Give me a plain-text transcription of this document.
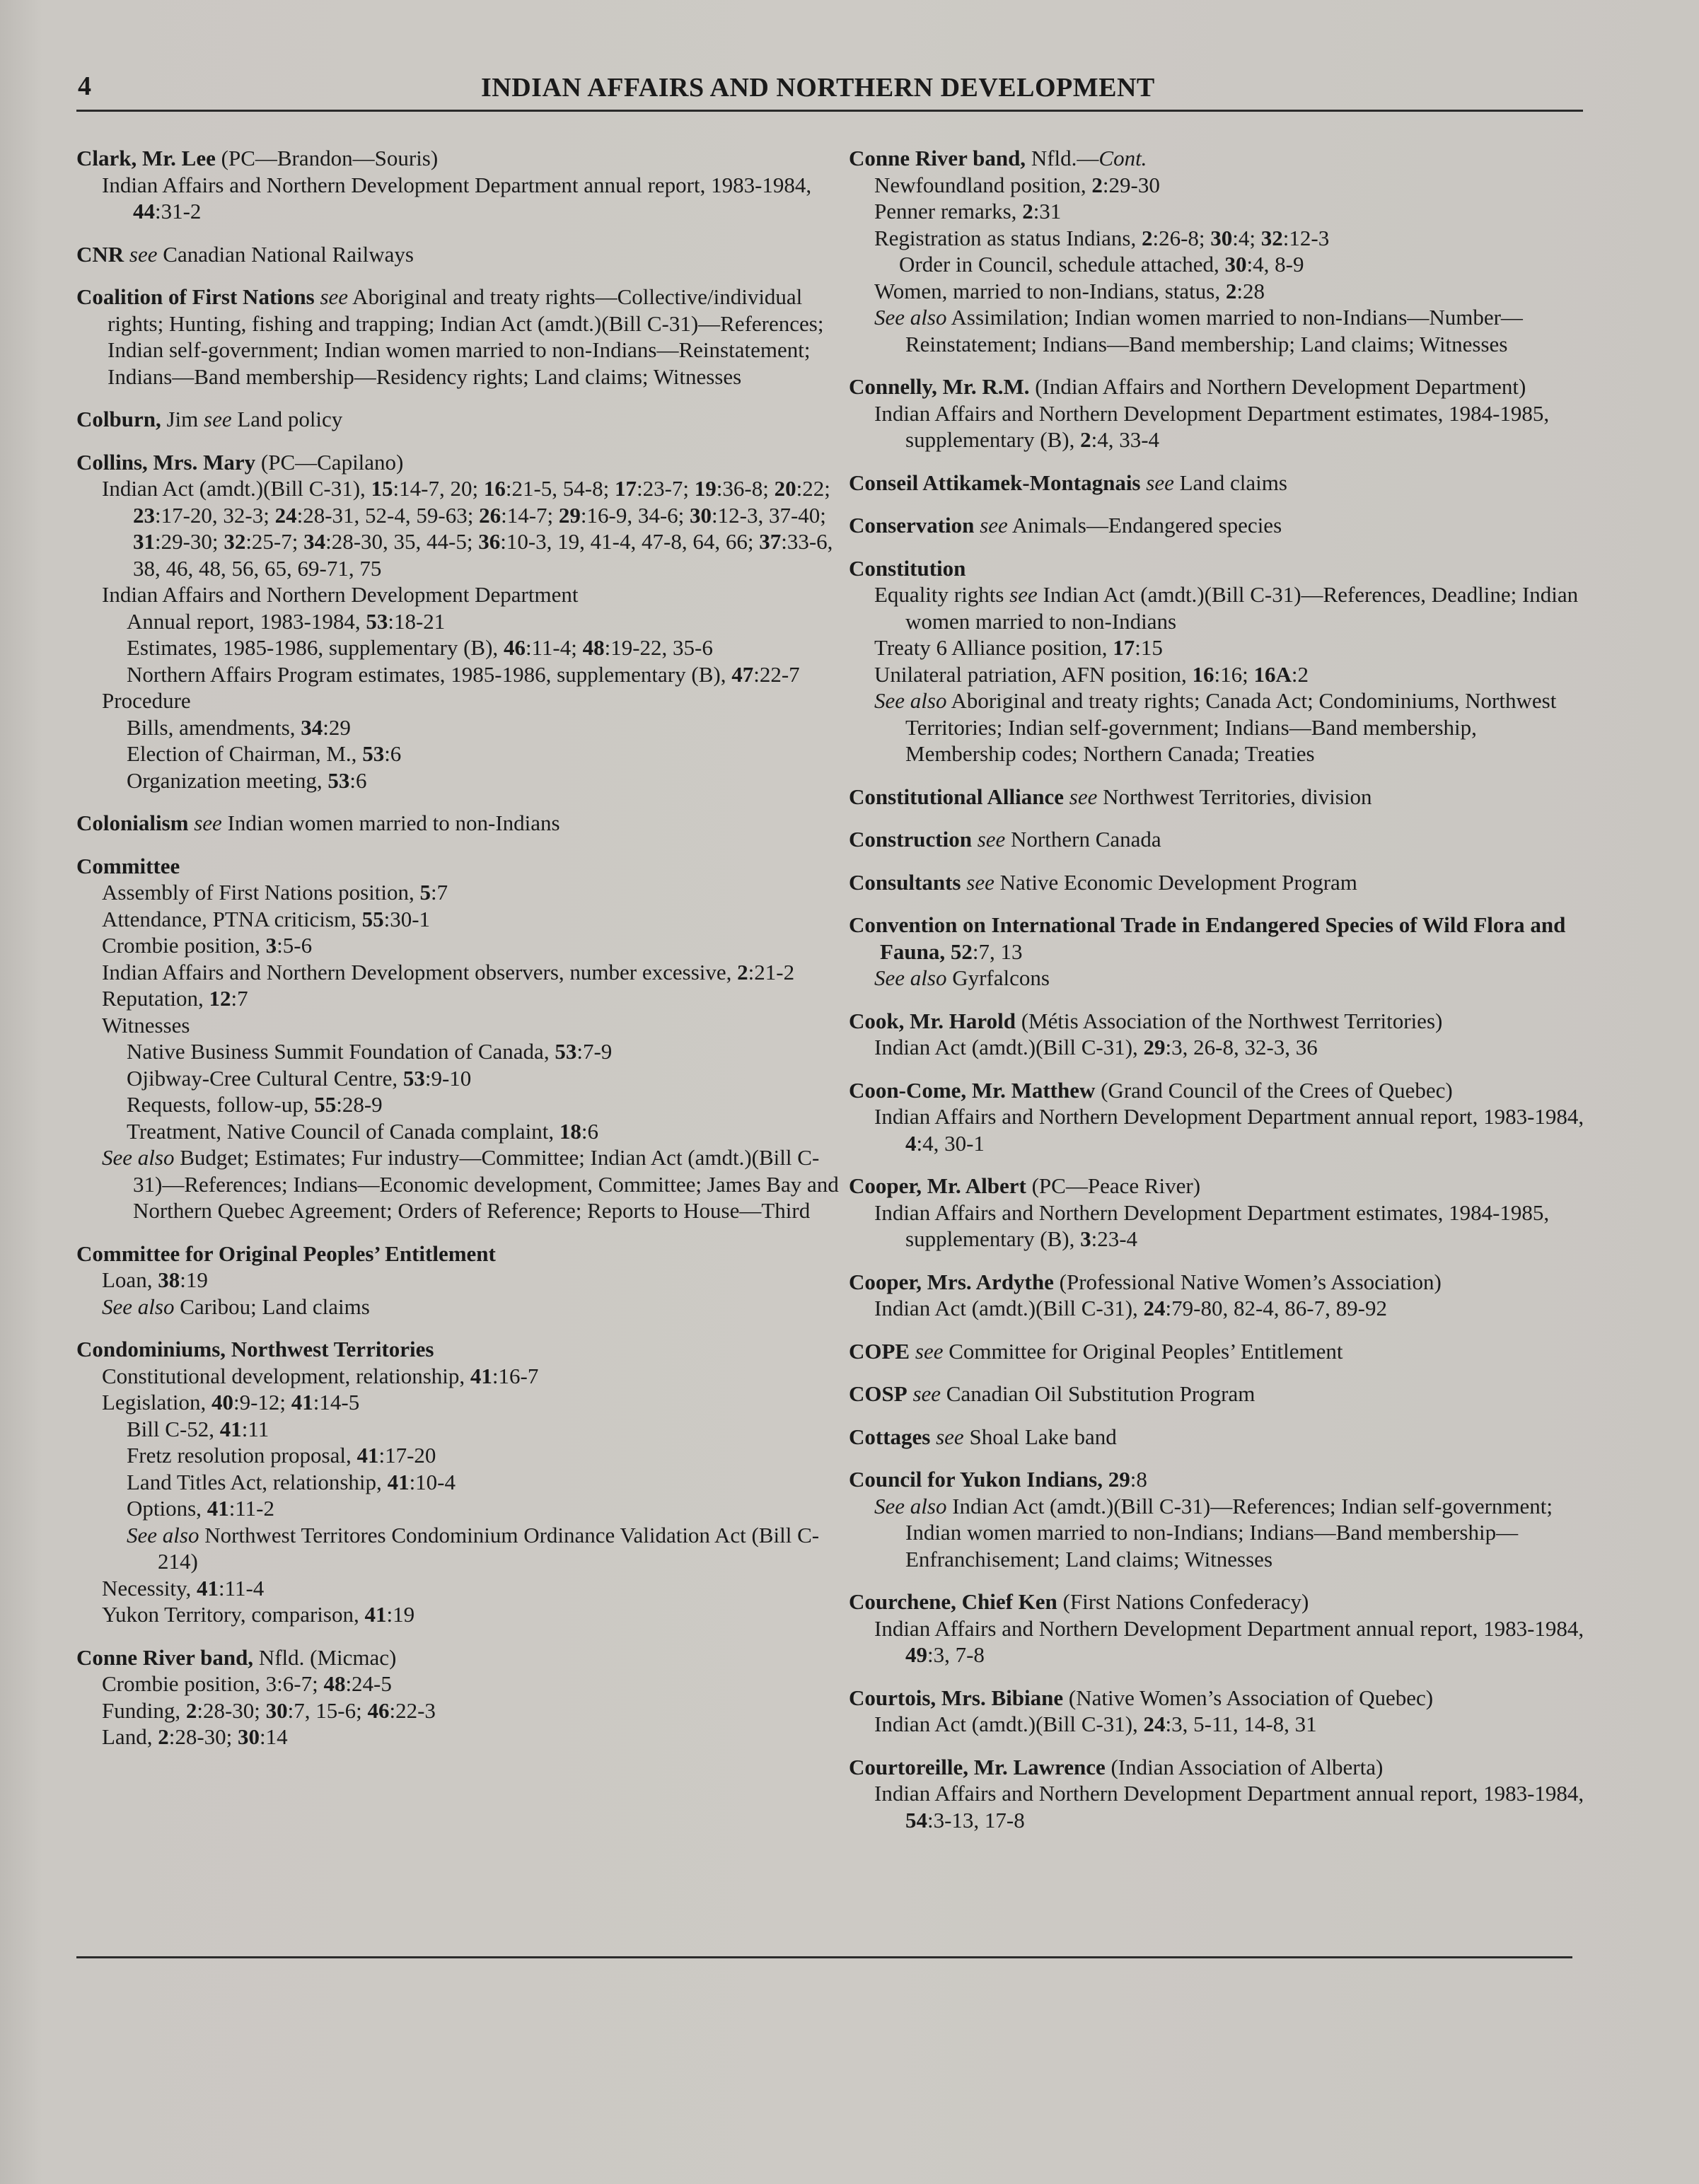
4	INDIAN AFFAIRS AND NORTHERN DEVELOPMENT
Clark, Mr. Lee (PC—Brandon—Souris)
Indian Affairs and Northern Development Department annual report, 1983-1984, 44:31-2
CNR see Canadian National Railways
Coalition of First Nations see Aboriginal and treaty rights—Collective/individual rights; Hunting, fishing and trapping; Indian Act (amdt.)(Bill C-31)—References; Indian self-government; Indian women married to non-Indians—Reinstatement; Indians—Band membership—Residency rights; Land claims; Witnesses
Colburn, Jim see Land policy
Collins, Mrs. Mary (PC—Capilano)
Indian Act (amdt.)(Bill C-31), 15:14-7, 20; 16:21-5, 54-8; 17:23-7; 19:36-8; 20:22; 23:17-20, 32-3; 24:28-31, 52-4, 59-63; 26:14-7; 29:16-9, 34-6; 30:12-3, 37-40; 31:29-30; 32:25-7; 34:28-30, 35, 44-5; 36:10-3, 19, 41-4, 47-8, 64, 66; 37:33-6, 38, 46, 48, 56, 65, 69-71, 75
Indian Affairs and Northern Development Department
Annual report, 1983-1984, 53:18-21
Estimates, 1985-1986, supplementary (B), 46:11-4; 48:19-22, 35-6
Northern Affairs Program estimates, 1985-1986, supplementary (B), 47:22-7
Procedure
Bills, amendments, 34:29
Election of Chairman, M., 53:6
Organization meeting, 53:6
Colonialism see Indian women married to non-Indians
Committee
Assembly of First Nations position, 5:7
Attendance, PTNA criticism, 55:30-1
Crombie position, 3:5-6
Indian Affairs and Northern Development observers, number excessive, 2:21-2
Reputation, 12:7
Witnesses
Native Business Summit Foundation of Canada, 53:7-9
Ojibway-Cree Cultural Centre, 53:9-10
Requests, follow-up, 55:28-9
Treatment, Native Council of Canada complaint, 18:6
See also Budget; Estimates; Fur industry—Committee; Indian Act (amdt.)(Bill C-31)—References; Indians—Economic development, Committee; James Bay and Northern Quebec Agreement; Orders of Reference; Reports to House—Third
Committee for Original Peoples’ Entitlement
Loan, 38:19
See also Caribou; Land claims
Condominiums, Northwest Territories
Constitutional development, relationship, 41:16-7
Legislation, 40:9-12; 41:14-5
Bill C-52, 41:11
Fretz resolution proposal, 41:17-20
Land Titles Act, relationship, 41:10-4
Options, 41:11-2
See also Northwest Territores Condominium Ordinance Validation Act (Bill C-214)
Necessity, 41:11-4
Yukon Territory, comparison, 41:19
Conne River band, Nfld. (Micmac)
Crombie position, 3:6-7; 48:24-5
Funding, 2:28-30; 30:7, 15-6; 46:22-3
Land, 2:28-30; 30:14
Conne River band, Nfld.—Cont.
Newfoundland position, 2:29-30
Penner remarks, 2:31
Registration as status Indians, 2:26-8; 30:4; 32:12-3
Order in Council, schedule attached, 30:4, 8-9
Women, married to non-Indians, status, 2:28
See also Assimilation; Indian women married to non-Indians—Number—Reinstatement; Indians—Band membership; Land claims; Witnesses
Connelly, Mr. R.M. (Indian Affairs and Northern Development Department)
Indian Affairs and Northern Development Department estimates, 1984-1985, supplementary (B), 2:4, 33-4
Conseil Attikamek-Montagnais see Land claims
Conservation see Animals—Endangered species
Constitution
Equality rights see Indian Act (amdt.)(Bill C-31)—References, Deadline; Indian women married to non-Indians
Treaty 6 Alliance position, 17:15
Unilateral patriation, AFN position, 16:16; 16A:2
See also Aboriginal and treaty rights; Canada Act; Condominiums, Northwest Territories; Indian self-government; Indians—Band membership, Membership codes; Northern Canada; Treaties
Constitutional Alliance see Northwest Territories, division
Construction see Northern Canada
Consultants see Native Economic Development Program
Convention on International Trade in Endangered Species of Wild Flora and Fauna, 52:7, 13
See also Gyrfalcons
Cook, Mr. Harold (Métis Association of the Northwest Territories)
Indian Act (amdt.)(Bill C-31), 29:3, 26-8, 32-3, 36
Coon-Come, Mr. Matthew (Grand Council of the Crees of Quebec)
Indian Affairs and Northern Development Department annual report, 1983-1984, 4:4, 30-1
Cooper, Mr. Albert (PC—Peace River)
Indian Affairs and Northern Development Department estimates, 1984-1985, supplementary (B), 3:23-4
Cooper, Mrs. Ardythe (Professional Native Women’s Association)
Indian Act (amdt.)(Bill C-31), 24:79-80, 82-4, 86-7, 89-92
COPE see Committee for Original Peoples’ Entitlement
COSP see Canadian Oil Substitution Program
Cottages see Shoal Lake band
Council for Yukon Indians, 29:8
See also Indian Act (amdt.)(Bill C-31)—References; Indian self-government; Indian women married to non-Indians; Indians—Band membership—Enfranchisement; Land claims; Witnesses
Courchene, Chief Ken (First Nations Confederacy)
Indian Affairs and Northern Development Department annual report, 1983-1984, 49:3, 7-8
Courtois, Mrs. Bibiane (Native Women’s Association of Quebec)
Indian Act (amdt.)(Bill C-31), 24:3, 5-11, 14-8, 31
Courtoreille, Mr. Lawrence (Indian Association of Alberta)
Indian Affairs and Northern Development Department annual report, 1983-1984, 54:3-13, 17-8
